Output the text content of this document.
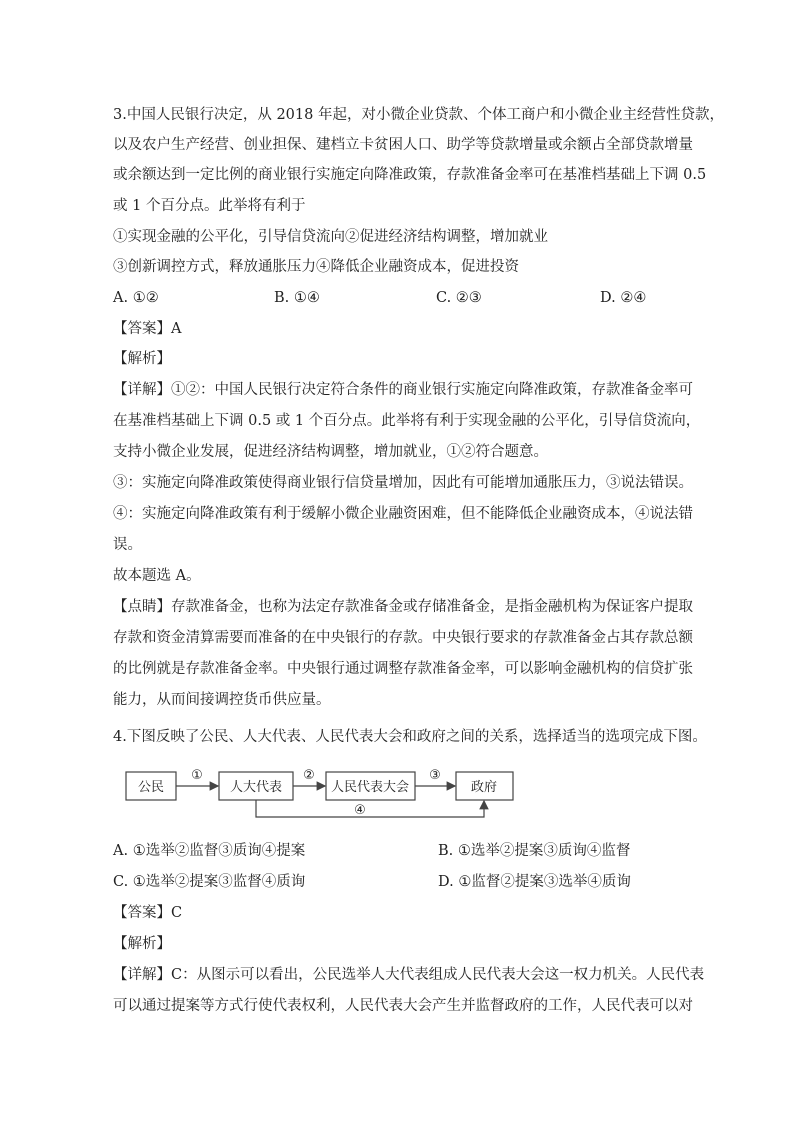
3.中国人民银行决定，从 2018 年起，对小微企业贷款、个体工商户和小微企业主经营性贷款，
以及农户生产经营、创业担保、建档立卡贫困人口、助学等贷款增量或余额占全部贷款增量
或余额达到一定比例的商业银行实施定向降准政策，存款准备金率可在基准档基础上下调 0.5
或 1 个百分点。此举将有利于
①实现金融的公平化，引导信贷流向②促进经济结构调整，增加就业
③创新调控方式，释放通胀压力④降低企业融资成本，促进投资
A. ①②	B. ①④	C. ②③	D. ②④
【答案】A
【解析】
【详解】①②：中国人民银行决定符合条件的商业银行实施定向降准政策，存款准备金率可
在基准档基础上下调 0.5 或 1 个百分点。此举将有利于实现金融的公平化，引导信贷流向，
支持小微企业发展，促进经济结构调整，增加就业，①②符合题意。
③：实施定向降准政策使得商业银行信贷量增加，因此有可能增加通胀压力，③说法错误。
④：实施定向降准政策有利于缓解小微企业融资困难，但不能降低企业融资成本，④说法错
误。
故本题选 A。
【点睛】存款准备金，也称为法定存款准备金或存储准备金，是指金融机构为保证客户提取
存款和资金清算需要而准备的在中央银行的存款。中央银行要求的存款准备金占其存款总额
的比例就是存款准备金率。中央银行通过调整存款准备金率，可以影响金融机构的信贷扩张
能力，从而间接调控货币供应量。
4.下图反映了公民、人大代表、人民代表大会和政府之间的关系，选择适当的选项完成下图。
公民	人大代表	人民代表大会	政府
①	②	③
④
A. ①选举②监督③质询④提案	B. ①选举②提案③质询④监督
C. ①选举②提案③监督④质询	D. ①监督②提案③选举④质询
【答案】C
【解析】
【详解】C：从图示可以看出，公民选举人大代表组成人民代表大会这一权力机关。人民代表
可以通过提案等方式行使代表权利，人民代表大会产生并监督政府的工作，人民代表可以对
